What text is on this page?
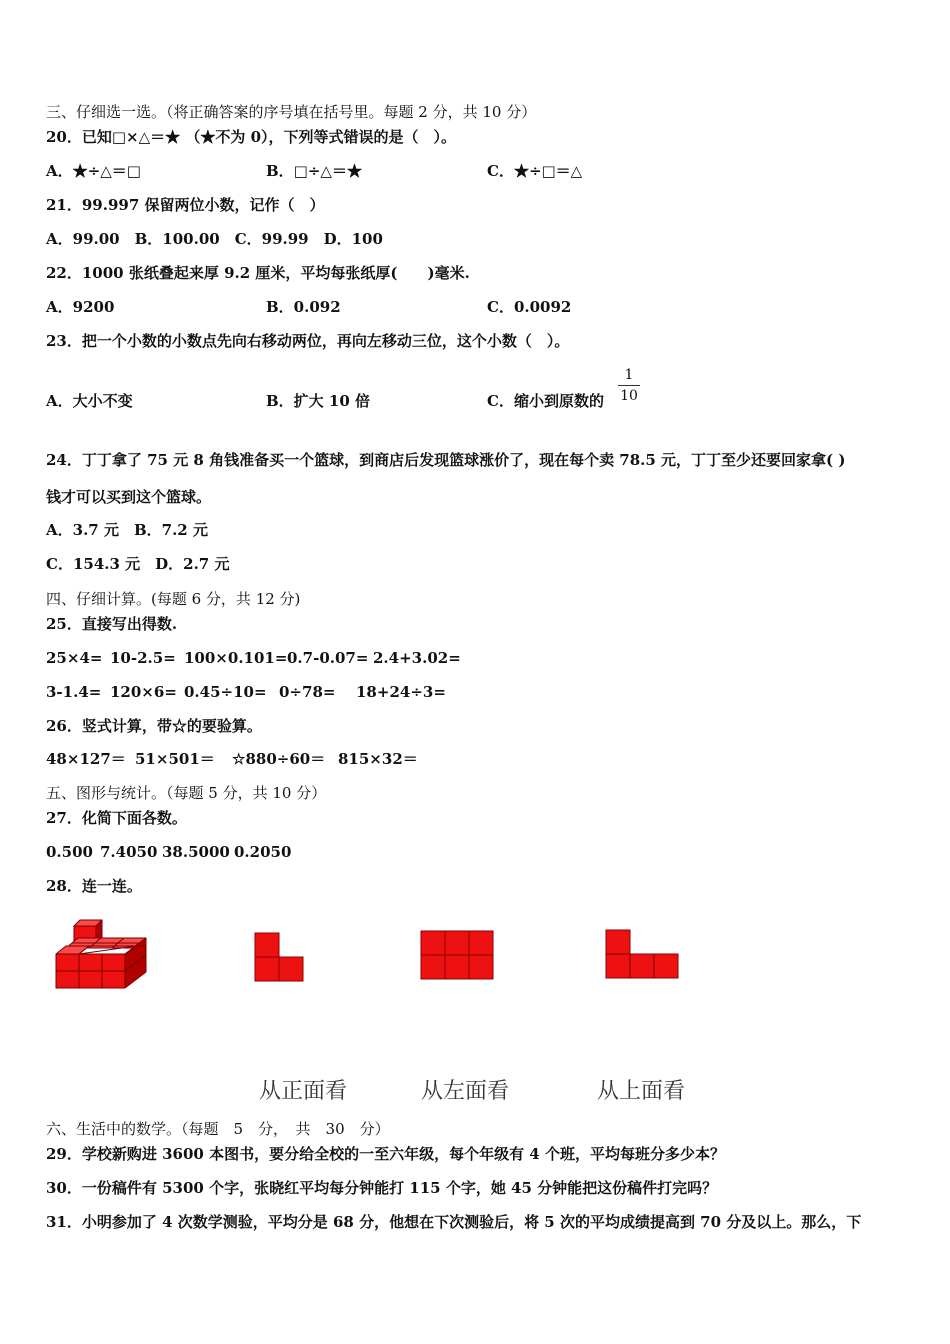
三、仔细选一选。（将正确答案的序号填在括号里。每题 2 分，共 10 分）
20．已知□×△＝★ （★不为 0），下列等式错误的是（　）。
A．★÷△＝□	B．□÷△＝★	C．★÷□＝△
21．99.997 保留两位小数，记作（　）
A．99.00　B．100.00　C．99.99　D．100
22．1000 张纸叠起来厚 9.2 厘米，平均每张纸厚(　　)毫米.
A．9200	B．0.092	C．0.0092
23．把一个小数的小数点先向右移动两位，再向左移动三位，这个小数（　）。
A．大小不变	B．扩大 10 倍	C．缩小到原数的
1
10
24．丁丁拿了 75 元 8 角钱准备买一个篮球，到商店后发现篮球涨价了，现在每个卖 78.5 元，丁丁至少还要回家拿( )
钱才可以买到这个篮球。
A．3.7 元　B．7.2 元
C．154.3 元　D．2.7 元
四、仔细计算。(每题 6 分，共 12 分)
25．直接写出得数.
25×4= 10-2.5= 100×0.101= 0.7-0.07= 2.4+3.02=
3-1.4= 120×6= 0.45÷10= 0÷78= 18+24÷3=
26．竖式计算，带☆的要验算。
48×127＝ 51×501＝ ☆880÷60＝ 815×32＝
五、图形与统计。（每题 5 分，共 10 分）
27．化简下面各数。
0.500 7.4050 38.5000 0.2050
28．连一连。
从正面看	从左面看	从上面看
六、生活中的数学。（每题　5　分，　共　30　分）
29．学校新购进 3600 本图书，要分给全校的一至六年级，每个年级有 4 个班，平均每班分多少本？
30．一份稿件有 5300 个字，张晓红平均每分钟能打 115 个字，她 45 分钟能把这份稿件打完吗？
31．小明参加了 4 次数学测验，平均分是 68 分，他想在下次测验后，将 5 次的平均成绩提高到 70 分及以上。那么，下
